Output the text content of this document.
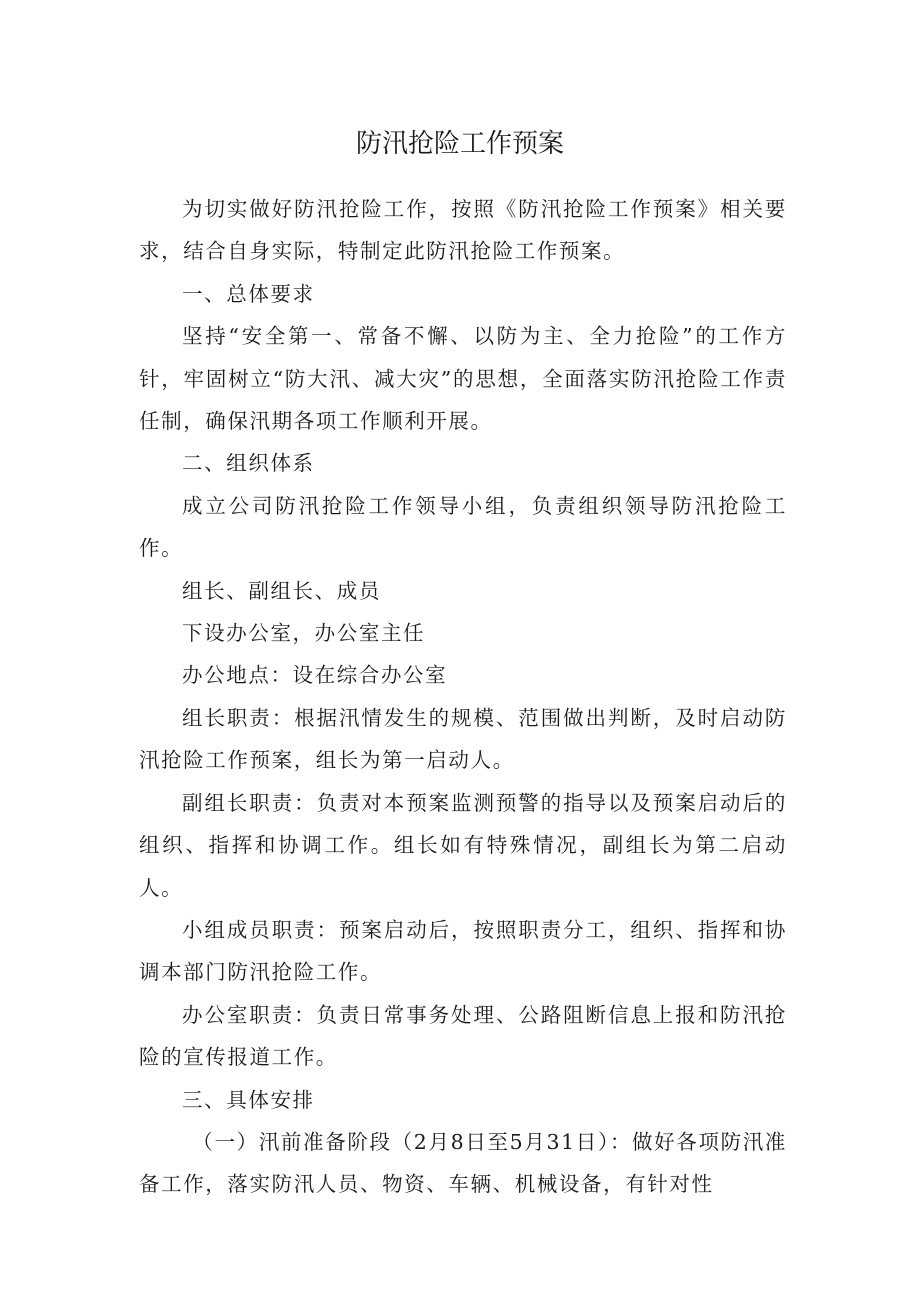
防汛抢险工作预案

为切实做好防汛抢险工作，按照《防汛抢险工作预案》相关要求，结合自身实际，特制定此防汛抢险工作预案。

一、总体要求

坚持“安全第一、常备不懈、以防为主、全力抢险”的工作方针，牢固树立“防大汛、减大灾”的思想，全面落实防汛抢险工作责任制，确保汛期各项工作顺利开展。

二、组织体系

成立公司防汛抢险工作领导小组，负责组织领导防汛抢险工作。

组长、副组长、成员

下设办公室，办公室主任

办公地点：设在综合办公室

组长职责：根据汛情发生的规模、范围做出判断，及时启动防汛抢险工作预案，组长为第一启动人。

副组长职责：负责对本预案监测预警的指导以及预案启动后的组织、指挥和协调工作。组长如有特殊情况，副组长为第二启动人。

小组成员职责：预案启动后，按照职责分工，组织、指挥和协调本部门防汛抢险工作。

办公室职责：负责日常事务处理、公路阻断信息上报和防汛抢险的宣传报道工作。

三、具体安排

（一）汛前准备阶段（2月8日至5月31日）：做好各项防汛准备工作，落实防汛人员、物资、车辆、机械设备，有针对性
